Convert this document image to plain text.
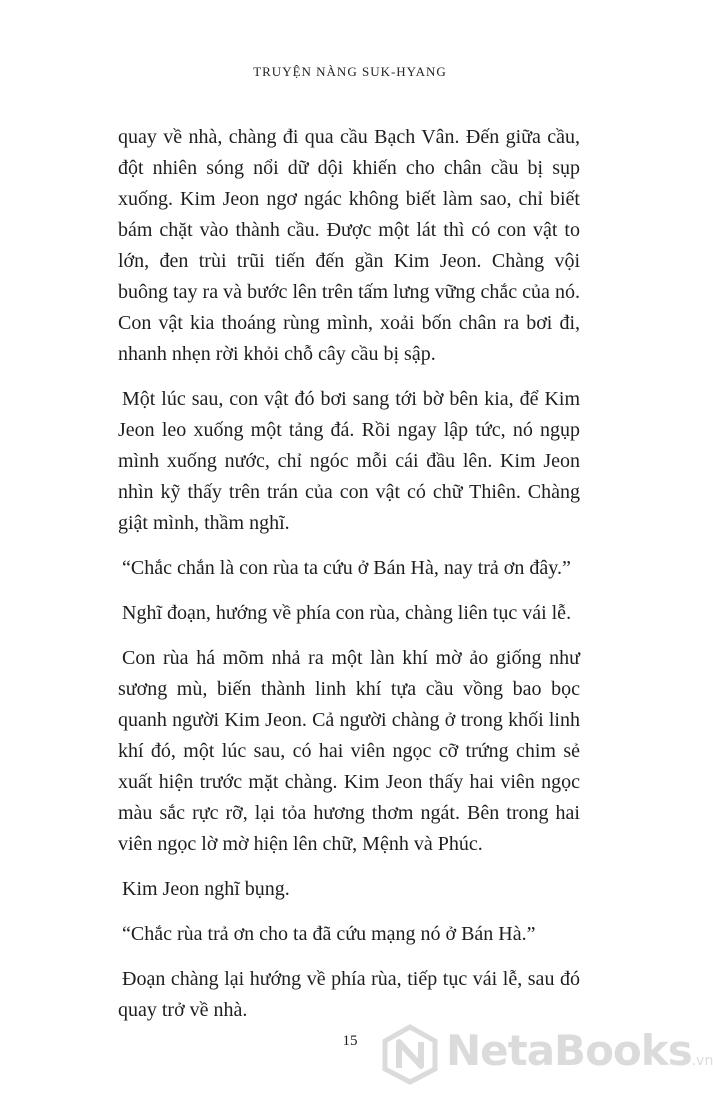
TRUYỆN NÀNG SUK-HYANG

quay về nhà, chàng đi qua cầu Bạch Vân. Đến giữa cầu, đột nhiên sóng nổi dữ dội khiến cho chân cầu bị sụp xuống. Kim Jeon ngơ ngác không biết làm sao, chỉ biết bám chặt vào thành cầu. Được một lát thì có con vật to lớn, đen trùi trũi tiến đến gần Kim Jeon. Chàng vội buông tay ra và bước lên trên tấm lưng vững chắc của nó. Con vật kia thoáng rùng mình, xoải bốn chân ra bơi đi, nhanh nhẹn rời khỏi chỗ cây cầu bị sập.

Một lúc sau, con vật đó bơi sang tới bờ bên kia, để Kim Jeon leo xuống một tảng đá. Rồi ngay lập tức, nó ngụp mình xuống nước, chỉ ngóc mỗi cái đầu lên. Kim Jeon nhìn kỹ thấy trên trán của con vật có chữ Thiên. Chàng giật mình, thầm nghĩ.

“Chắc chắn là con rùa ta cứu ở Bán Hà, nay trả ơn đây.”

Nghĩ đoạn, hướng về phía con rùa, chàng liên tục vái lễ.

Con rùa há mõm nhả ra một làn khí mờ ảo giống như sương mù, biến thành linh khí tựa cầu vồng bao bọc quanh người Kim Jeon. Cả người chàng ở trong khối linh khí đó, một lúc sau, có hai viên ngọc cỡ trứng chim sẻ xuất hiện trước mặt chàng. Kim Jeon thấy hai viên ngọc màu sắc rực rỡ, lại tỏa hương thơm ngát. Bên trong hai viên ngọc lờ mờ hiện lên chữ, Mệnh và Phúc.

Kim Jeon nghĩ bụng.

“Chắc rùa trả ơn cho ta đã cứu mạng nó ở Bán Hà.”

Đoạn chàng lại hướng về phía rùa, tiếp tục vái lễ, sau đó quay trở về nhà.

15	NetaBooks.vn
